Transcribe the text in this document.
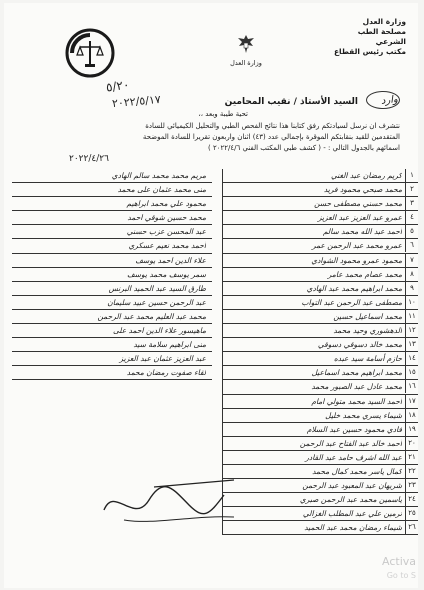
وزارة العدل
مصلحة الطب الشرعي
مكتب رئيس القطاع
وزارة العدل
٥/٢٠
٢٠٢٢/٥/١٧	وارد
السيد الأستاذ / نقيب المحامين
تحية طيبة وبعد ،،
نتشرف ان نرسل لسيادتكم رفق كتابنا هذا نتائج الفحص الطبي والتحليل الكيميائي للسادة
المتقدمين للقيد بنقابتكم الموقرة بإجمالي عدد (٤٣) اثنان واربعون تقريرا للسادة الموضحة
اسمائهم بالجدول التالي : - ( كشف طبي المكتب الفني ٢٠٢٢/٤/٦ )
٢٠٢٢/٤/٢٦
١
كريم رمضان عبد الغني
٢
محمد صبحي محمود فريد
٣
محمد حسني مصطفى حسن
٤
عمرو عبد العزيز عبد العزيز
٥
أحمد عبد الله محمد سالم
٦
عمرو محمد عبد الرحمن عمر
٧
محمود عمرو محمود الشوادي
٨
محمد عصام محمد عامر
٩
محمد ابراهيم محمد عبد الهادي
١٠
مصطفى عبد الرحمن عبد التواب
١١
محمد اسماعيل حسين
١٢
الدهشوري وحيد محمد
١٣
محمد خالد دسوقي دسوقي
١٤
حازم أسامة سيد عبده
١٥
محمد ابراهيم محمد اسماعيل
١٦
محمد عادل عبد الصبور محمد
١٧
أحمد السيد محمد متولي امام
١٨
شيماء يسري محمد خليل
١٩
فادي محمود حسين عبد السلام
٢٠
أحمد خالد عبد الفتاح عبد الرحمن
٢١
عبد الله اشرف حامد عبد القادر
٢٢
كمال ياسر محمد كمال محمد
٢٣
شريهان عبد المعبود عبد الرحمن
٢٤
ياسمين محمد عبد الرحمن صبري
٢٥
نرمين علي عبد المطلب الغزالي
٢٦
شيماء رمضان محمد عبد الحميد
مريم محمد محمد سالم الهادي
منى محمد عثمان على محمد
محمود علي محمد ابراهيم
محمد حسين شوقي احمد
عبد المحسن عزب حسني
أحمد محمد نعيم عسكري
علاء الدين احمد يوسف
سمر يوسف محمد يوسف
طارق السيد عبد الحميد البرنس
عبد الرحمن حسين عبيد سليمان
محمد عبد العليم محمد عبد الرحمن
ماهيسور علاء الدين احمد على
منى ابراهيم سلامة سيد
عبد العزيز عثمان عبد العزيز
لقاء صفوت رمضان محمد
Activa
Go to S
